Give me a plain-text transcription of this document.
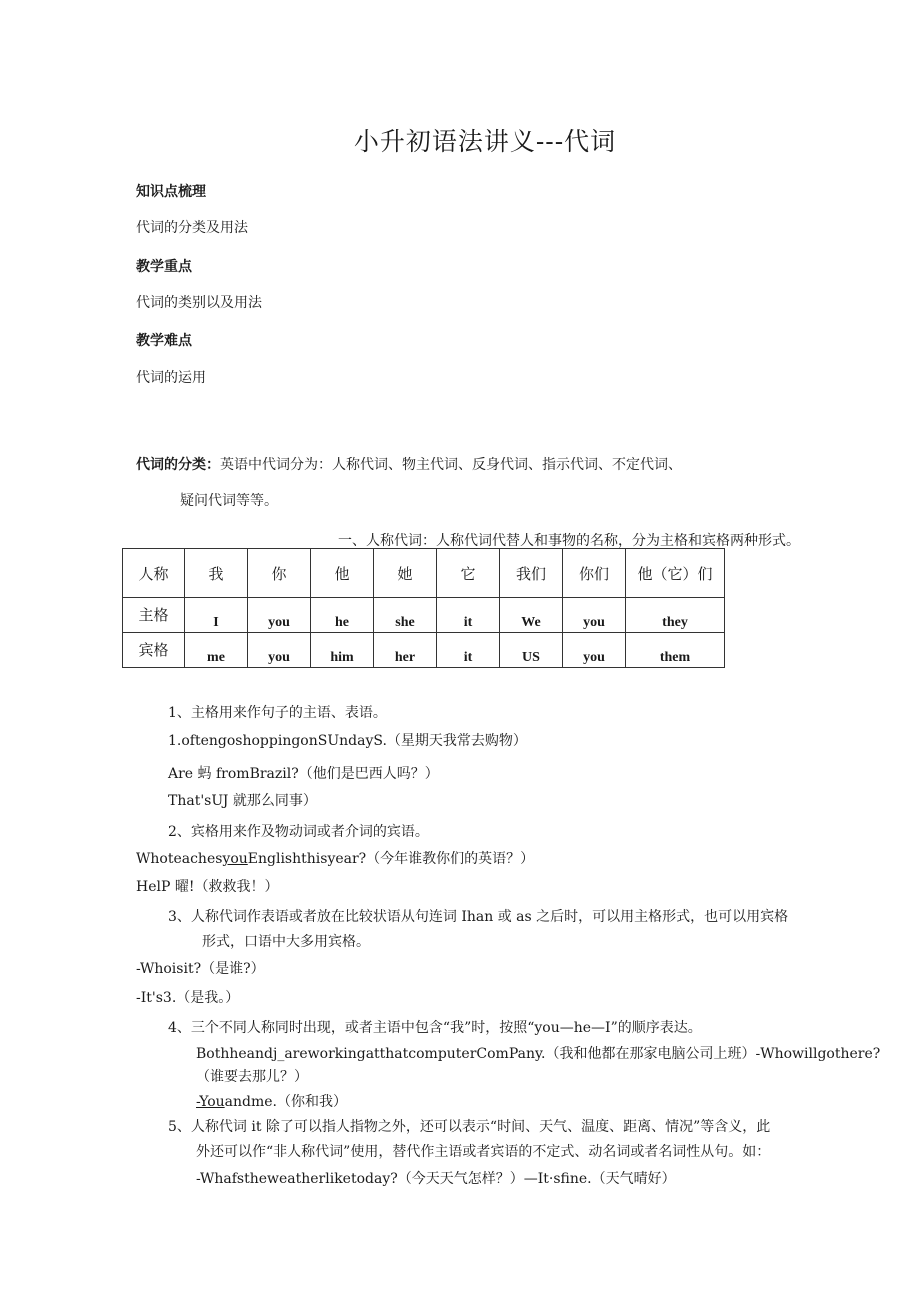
小升初语法讲义---代词
知识点梳理
代词的分类及用法
教学重点
代词的类别以及用法
教学难点
代词的运用
代词的分类：英语中代词分为：人称代词、物主代词、反身代词、指示代词、不定代词、
疑问代词等等。
一、人称代词：人称代词代替人和事物的名称，分为主格和宾格两种形式。
人称	我	你	他	她	它	我们	你们	他（它）们
主格	I	you	he	she	it	We	you	they
宾格	me	you	him	her	it	US	you	them
1、主格用来作句子的主语、表语。
1.oftengoshoppingonSUndayS.（星期天我常去购物）
Are 蚂 fromBrazil?（他们是巴西人吗？）
That'sUJ 就那么同事）
2、宾格用来作及物动词或者介词的宾语。
WhoteachesyouEnglishthisyear?（今年谁教你们的英语？）
HelP 曜!（救救我！）
3、人称代词作表语或者放在比较状语从句连词 Ihan 或 as 之后时，可以用主格形式，也可以用宾格
形式，口语中大多用宾格。
-Whoisit?（是谁?）
-It's3.（是我。）
4、三个不同人称同时出现，或者主语中包含“我”时，按照“you—he—I”的顺序表达。
Bothheandj_areworkingatthatcomputerComPany.（我和他都在那家电脑公司上班）-Whowillgothere?
（谁要去那儿？）
-Youandme.（你和我）
5、人称代词 it 除了可以指人指物之外，还可以表示“时间、天气、温度、距离、情况”等含义，此
外还可以作“非人称代词”使用，替代作主语或者宾语的不定式、动名词或者名词性从句。如：
-Whafstheweatherliketoday?（今天天气怎样？）—It·sfine.（天气晴好）
